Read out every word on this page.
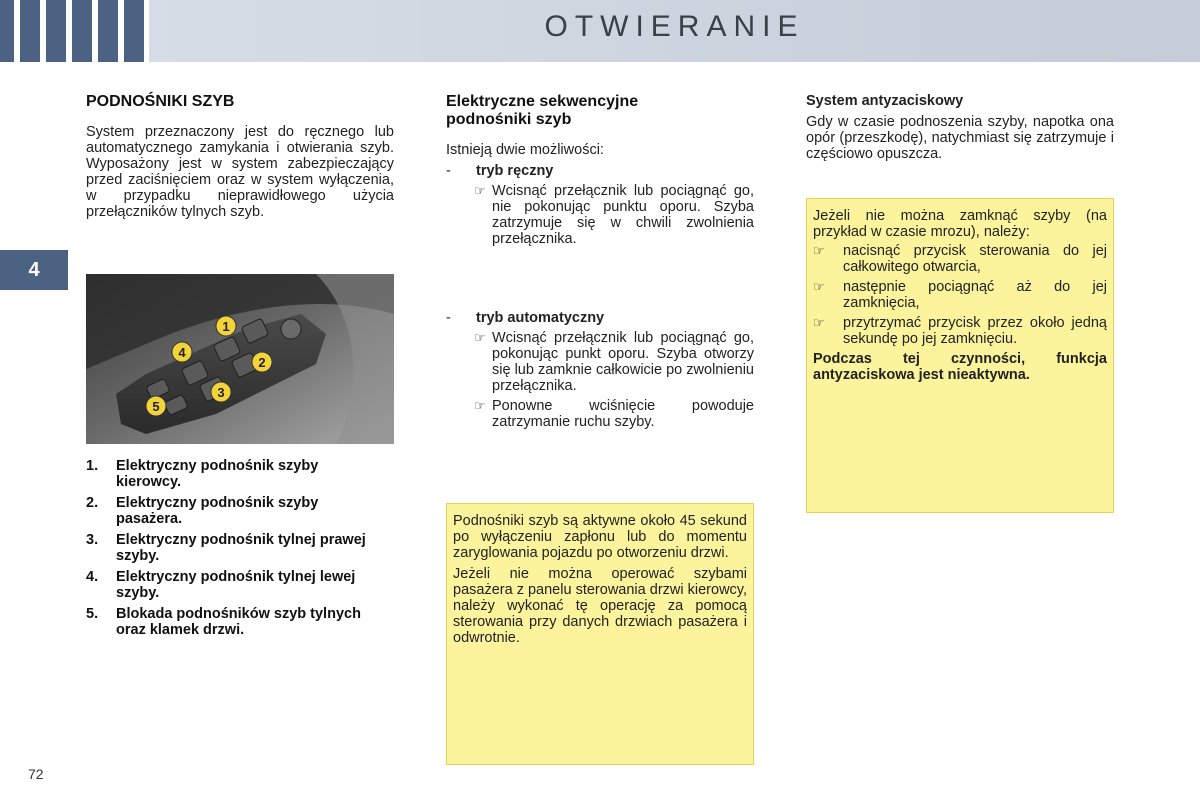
OTWIERANIE
4
PODNOŚNIKI SZYB

System przeznaczony jest do ręcznego lub automatycznego zamykania i otwierania szyb. Wyposażony jest w system zabezpieczający przed zaciśnięciem oraz w system wyłączenia, w przypadku nieprawidłowego użycia przełączników tylnych szyb.

1
2
3
4
5
1.	Elektryczny podnośnik szyby kierowcy.
2.	Elektryczny podnośnik szyby pasażera.
3.	Elektryczny podnośnik tylnej prawej szyby.
4.	Elektryczny podnośnik tylnej lewej szyby.
5.	Blokada podnośników szyb tylnych oraz klamek drzwi.
Elektryczne sekwencyjne podnośniki szyb
Istnieją dwie możliwości:
-	tryb ręczny
☞ Wcisnąć przełącznik lub pociągnąć go, nie pokonując punktu oporu. Szyba zatrzymuje się w chwili zwolnienia przełącznika.
-	tryb automatyczny
☞ Wcisnąć przełącznik lub pociągnąć go, pokonując punkt oporu. Szyba otworzy się lub zamknie całkowicie po zwolnieniu przełącznika.
☞ Ponowne wciśnięcie powoduje zatrzymanie ruchu szyby.

Podnośniki szyb są aktywne około 45 sekund po wyłączeniu zapłonu lub do momentu zaryglowania pojazdu po otworzeniu drzwi.

Jeżeli nie można operować szybami pasażera z panelu sterowania drzwi kierowcy, należy wykonać tę operację za pomocą sterowania przy danych drzwiach pasażera i odwrotnie.

System antyzaciskowy

Gdy w czasie podnoszenia szyby, napotka ona opór (przeszkodę), natychmiast się zatrzymuje i częściowo opuszcza.

Jeżeli nie można zamknąć szyby (na przykład w czasie mrozu), należy:

☞	nacisnąć przycisk sterowania do jej całkowitego otwarcia,
☞	następnie pociągnąć aż do jej zamknięcia,
☞	przytrzymać przycisk przez około jedną sekundę po jej zamknięciu.

Podczas tej czynności, funkcja antyzaciskowa jest nieaktywna.

72
